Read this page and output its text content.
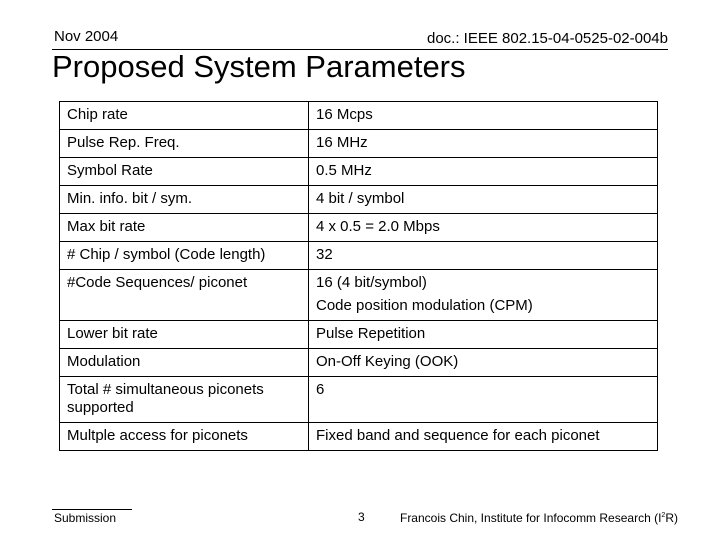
Nov 2004	doc.: IEEE 802.15-04-0525-02-004b
Proposed System Parameters
Chip rate	16 Mcps
Pulse Rep. Freq.	16 MHz
Symbol Rate	0.5 MHz
Min. info. bit / sym.	4 bit / symbol
Max bit rate	4 x 0.5 = 2.0 Mbps
# Chip / symbol (Code length)	32
#Code Sequences/ piconet	16 (4 bit/symbol)
Code position modulation (CPM)

Lower bit rate	Pulse Repetition
Modulation	On-Off Keying (OOK)
Total # simultaneous piconets supported	6
Multple access for piconets	Fixed band and sequence for each piconet
Submission	3	Francois Chin, Institute for Infocomm Research $(I^2R)$
